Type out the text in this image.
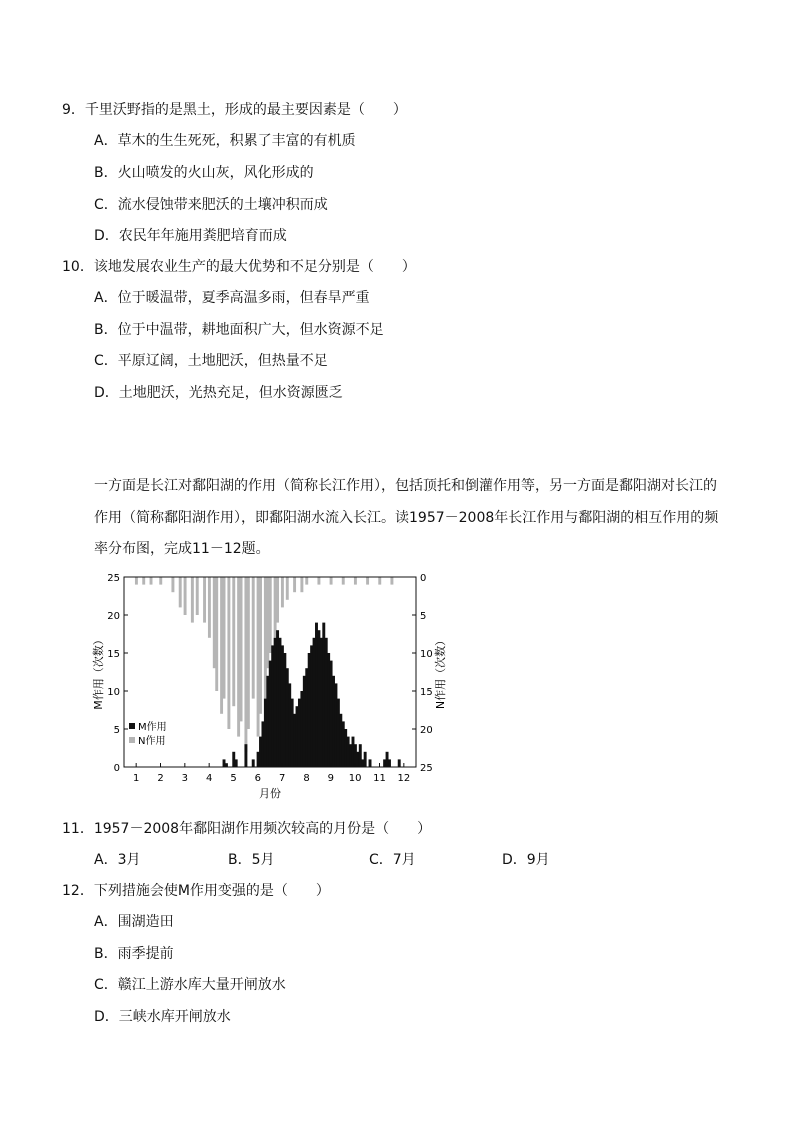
9．千里沃野指的是黑土，形成的最主要因素是（　　）
A．草木的生生死死，积累了丰富的有机质
B．火山喷发的火山灰，风化形成的
C．流水侵蚀带来肥沃的土壤冲积而成
D．农民年年施用粪肥培育而成
10．该地发展农业生产的最大优势和不足分别是（　　）
A．位于暖温带，夏季高温多雨，但春旱严重
B．位于中温带，耕地面积广大，但水资源不足
C．平原辽阔，土地肥沃，但热量不足
D．土地肥沃，光热充足，但水资源匮乏
一方面是长江对鄱阳湖的作用（简称长江作用），包括顶托和倒灌作用等，另一方面是鄱阳湖对长江的
作用（简称鄱阳湖作用），即鄱阳湖水流入长江。读1957－2008年长江作用与鄱阳湖的相互作用的频
率分布图，完成11－12题。
0
5
10
15
20
25	0
5
10
15
20
25
1 2 3 4 5 6 7 8 9 10 11 12
M作用（次数）	N作用（次数）
月份
M作用
N作用
11．1957－2008年鄱阳湖作用频次较高的月份是（　　）
A．3月	B．5月	C．7月	D．9月
12．下列措施会使M作用变强的是（　　）
A．围湖造田
B．雨季提前
C．赣江上游水库大量开闸放水
D．三峡水库开闸放水
